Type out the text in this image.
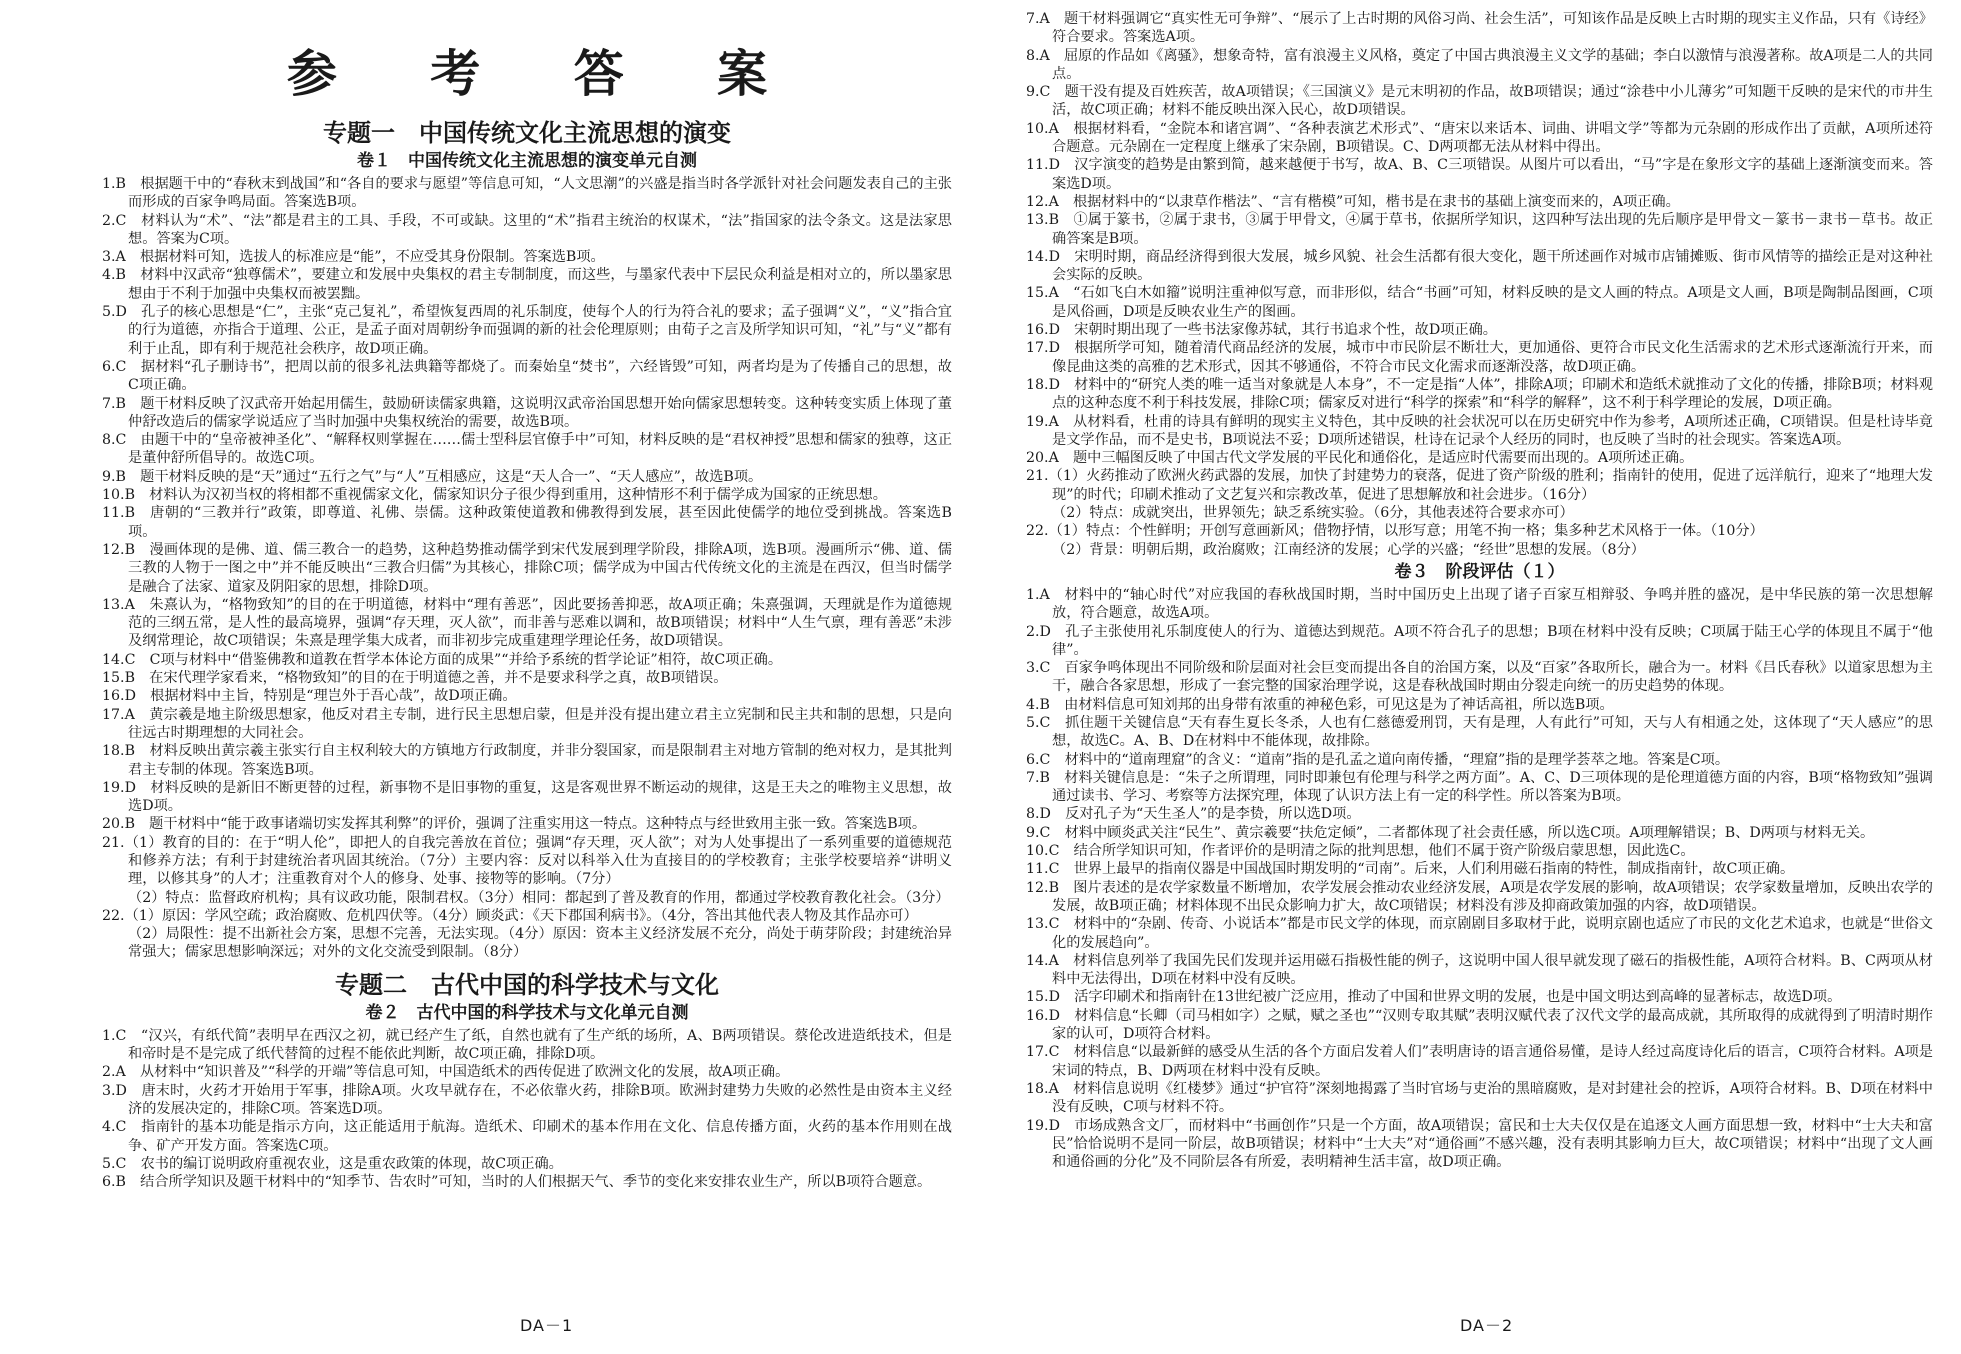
参 考 答 案
专题一　中国传统文化主流思想的演变
卷１　中国传统文化主流思想的演变单元自测

1.B　根据题干中的“春秋末到战国”和“各自的要求与愿望”等信息可知，“人文思潮”的兴盛是指当时各学派针对社会问题发表自己的主张而形成的百家争鸣局面。答案选B项。

2.C　材料认为“术”、“法”都是君主的工具、手段，不可或缺。这里的“术”指君主统治的权谋术，“法”指国家的法令条文。这是法家思想。答案为C项。

3.A　根据材料可知，选拔人的标准应是“能”，不应受其身份限制。答案选B项。

4.B　材料中汉武帝“独尊儒术”，要建立和发展中央集权的君主专制制度，而这些，与墨家代表中下层民众利益是相对立的，所以墨家思想由于不利于加强中央集权而被罢黜。

5.D　孔子的核心思想是“仁”，主张“克己复礼”，希望恢复西周的礼乐制度，使每个人的行为符合礼的要求；孟子强调“义”，“义”指合宜的行为道德，亦指合于道理、公正，是孟子面对周朝纷争而强调的新的社会伦理原则；由荀子之言及所学知识可知，“礼”与“义”都有利于止乱，即有利于规范社会秩序，故D项正确。

6.C　据材料“孔子删诗书”，把周以前的很多礼法典籍等都烧了。而秦始皇“焚书”，六经皆毁”可知，两者均是为了传播自己的思想，故C项正确。

7.B　题干材料反映了汉武帝开始起用儒生，鼓励研读儒家典籍，这说明汉武帝治国思想开始向儒家思想转变。这种转变实质上体现了董仲舒改造后的儒家学说适应了当时加强中央集权统治的需要，故选B项。

8.C　由题干中的“皇帝被神圣化”、“解释权则掌握在……儒士型科层官僚手中”可知，材料反映的是“君权神授”思想和儒家的独尊，这正是董仲舒所倡导的。故选C项。

9.B　题干材料反映的是“天”通过“五行之气”与“人”互相感应，这是“天人合一”、“天人感应”，故选B项。

10.B　材料认为汉初当权的将相都不重视儒家文化，儒家知识分子很少得到重用，这种情形不利于儒学成为国家的正统思想。

11.B　唐朝的“三教并行”政策，即尊道、礼佛、崇儒。这种政策使道教和佛教得到发展，甚至因此使儒学的地位受到挑战。答案选B项。

12.B　漫画体现的是佛、道、儒三教合一的趋势，这种趋势推动儒学到宋代发展到理学阶段，排除A项，选B项。漫画所示“佛、道、儒三教的人物于一图之中”并不能反映出“三教合归儒”为其核心，排除C项；儒学成为中国古代传统文化的主流是在西汉，但当时儒学是融合了法家、道家及阴阳家的思想，排除D项。

13.A　朱熹认为，“格物致知”的目的在于明道德，材料中“理有善恶”，因此要扬善抑恶，故A项正确；朱熹强调，天理就是作为道德规范的三纲五常，是人性的最高境界，强调“存天理，灭人欲”，而非善与恶难以调和，故B项错误；材料中“人生气禀，理有善恶”未涉及纲常理论，故C项错误；朱熹是理学集大成者，而非初步完成重建理学理论任务，故D项错误。

14.C　C项与材料中“借鉴佛教和道教在哲学本体论方面的成果”“并给予系统的哲学论证”相符，故C项正确。

15.B　在宋代理学家看来，“格物致知”的目的在于明道德之善，并不是要求科学之真，故B项错误。

16.D　根据材料中主旨，特别是“理岂外于吾心哉”，故D项正确。

17.A　黄宗羲是地主阶级思想家，他反对君主专制，进行民主思想启蒙，但是并没有提出建立君主立宪制和民主共和制的思想，只是向往远古时期理想的大同社会。

18.B　材料反映出黄宗羲主张实行自主权利较大的方镇地方行政制度，并非分裂国家，而是限制君主对地方管制的绝对权力，是其批判君主专制的体现。答案选B项。

19.D　材料反映的是新旧不断更替的过程，新事物不是旧事物的重复，这是客观世界不断运动的规律，这是王夫之的唯物主义思想，故选D项。

20.B　题干材料中“能于政事诸端切实发挥其利弊”的评价，强调了注重实用这一特点。这种特点与经世致用主张一致。答案选B项。

21.（1）教育的目的：在于“明人伦”，即把人的自我完善放在首位；强调“存天理，灭人欲”；对为人处事提出了一系列重要的道德规范和修养方法；有利于封建统治者巩固其统治。（7分）主要内容：反对以科举入仕为直接目的的学校教育；主张学校要培养“讲明义理，以修其身”的人才；注重教育对个人的修身、处事、接物等的影响。（7分）

（2）特点：监督政府机构；具有议政功能，限制君权。（3分）相同：都起到了普及教育的作用，都通过学校教育教化社会。（3分）

22.（1）原因：学风空疏；政治腐败、危机四伏等。（4分）顾炎武：《天下郡国利病书》。（4分，答出其他代表人物及其作品亦可）

（2）局限性：提不出新社会方案，思想不完善，无法实现。（4分）原因：资本主义经济发展不充分，尚处于萌芽阶段；封建统治异常强大；儒家思想影响深远；对外的文化交流受到限制。（8分）

专题二　古代中国的科学技术与文化
卷２　古代中国的科学技术与文化单元自测

1.C　“汉兴，有纸代简”表明早在西汉之初，就已经产生了纸，自然也就有了生产纸的场所，A、B两项错误。蔡伦改进造纸技术，但是和帝时是不是完成了纸代替简的过程不能依此判断，故C项正确，排除D项。

2.A　从材料中“知识普及”“科学的开端”等信息可知，中国造纸术的西传促进了欧洲文化的发展，故A项正确。

3.D　唐末时，火药才开始用于军事，排除A项。火攻早就存在，不必依靠火药，排除B项。欧洲封建势力失败的必然性是由资本主义经济的发展决定的，排除C项。答案选D项。

4.C　指南针的基本功能是指示方向，这正能适用于航海。造纸术、印刷术的基本作用在文化、信息传播方面，火药的基本作用则在战争、矿产开发方面。答案选C项。

5.C　农书的编订说明政府重视农业，这是重农政策的体现，故C项正确。

6.B　结合所学知识及题干材料中的“知季节、告农时”可知，当时的人们根据天气、季节的变化来安排农业生产，所以B项符合题意。

DA－1

7.A　题干材料强调它“真实性无可争辩”、“展示了上古时期的风俗习尚、社会生活”，可知该作品是反映上古时期的现实主义作品，只有《诗经》符合要求。答案选A项。

8.A　屈原的作品如《离骚》，想象奇特，富有浪漫主义风格，奠定了中国古典浪漫主义文学的基础；李白以激情与浪漫著称。故A项是二人的共同点。

9.C　题干没有提及百姓疾苦，故A项错误；《三国演义》是元末明初的作品，故B项错误；通过“涂巷中小儿薄劣”可知题干反映的是宋代的市井生活，故C项正确；材料不能反映出深入民心，故D项错误。

10.A　根据材料看，“金院本和诸宫调”、“各种表演艺术形式”、“唐宋以来话本、词曲、讲唱文学”等都为元杂剧的形成作出了贡献，A项所述符合题意。元杂剧在一定程度上继承了宋杂剧，B项错误。C、D两项都无法从材料中得出。

11.D　汉字演变的趋势是由繁到简，越来越便于书写，故A、B、C三项错误。从图片可以看出，“马”字是在象形文字的基础上逐渐演变而来。答案选D项。

12.A　根据材料中的“以隶草作楷法”、“言有楷模”可知，楷书是在隶书的基础上演变而来的，A项正确。

13.B　①属于篆书，②属于隶书，③属于甲骨文，④属于草书，依据所学知识，这四种写法出现的先后顺序是甲骨文－篆书－隶书－草书。故正确答案是B项。

14.D　宋明时期，商品经济得到很大发展，城乡风貌、社会生活都有很大变化，题干所述画作对城市店铺摊贩、街市风情等的描绘正是对这种社会实际的反映。

15.A　“石如飞白木如籀”说明注重神似写意，而非形似，结合“书画”可知，材料反映的是文人画的特点。A项是文人画，B项是陶制品图画，C项是风俗画，D项是反映农业生产的图画。

16.D　宋朝时期出现了一些书法家像苏轼，其行书追求个性，故D项正确。

17.D　根据所学可知，随着清代商品经济的发展，城市中市民阶层不断壮大，更加通俗、更符合市民文化生活需求的艺术形式逐渐流行开来，而像昆曲这类的高雅的艺术形式，因其不够通俗，不符合市民文化需求而逐渐没落，故D项正确。

18.D　材料中的“研究人类的唯一适当对象就是人本身”，不一定是指“人体”，排除A项；印刷术和造纸术就推动了文化的传播，排除B项；材料观点的这种态度不利于科技发展，排除C项；儒家反对进行“科学的探索”和“科学的解释”，这不利于科学理论的发展，D项正确。

19.A　从材料看，杜甫的诗具有鲜明的现实主义特色，其中反映的社会状况可以在历史研究中作为参考，A项所述正确，C项错误。但是杜诗毕竟是文学作品，而不是史书，B项说法不妥；D项所述错误，杜诗在记录个人经历的同时，也反映了当时的社会现实。答案选A项。

20.A　题中三幅图反映了中国古代文学发展的平民化和通俗化，是适应时代需要而出现的。A项所述正确。

21.（1）火药推动了欧洲火药武器的发展，加快了封建势力的衰落，促进了资产阶级的胜利；指南针的使用，促进了远洋航行，迎来了“地理大发现”的时代；印刷术推动了文艺复兴和宗教改革，促进了思想解放和社会进步。（16分）

（2）特点：成就突出，世界领先；缺乏系统实验。（6分，其他表述符合要求亦可）

22.（1）特点：个性鲜明；开创写意画新风；借物抒情，以形写意；用笔不拘一格；集多种艺术风格于一体。（10分）

（2）背景：明朝后期，政治腐败；江南经济的发展；心学的兴盛；“经世”思想的发展。（8分）

卷３　阶段评估（１）

1.A　材料中的“轴心时代”对应我国的春秋战国时期，当时中国历史上出现了诸子百家互相辩驳、争鸣并胜的盛况，是中华民族的第一次思想解放，符合题意，故选A项。

2.D　孔子主张使用礼乐制度使人的行为、道德达到规范。A项不符合孔子的思想；B项在材料中没有反映；C项属于陆王心学的体现且不属于“他律”。

3.C　百家争鸣体现出不同阶级和阶层面对社会巨变而提出各自的治国方案，以及“百家”各取所长，融合为一。材料《吕氏春秋》以道家思想为主干，融合各家思想，形成了一套完整的国家治理学说，这是春秋战国时期由分裂走向统一的历史趋势的体现。

4.B　由材料信息可知刘邦的出身带有浓重的神秘色彩，可见这是为了神话高祖，所以选B项。

5.C　抓住题干关键信息“天有春生夏长冬杀，人也有仁慈德爱刑罚，天有是理，人有此行”可知，天与人有相通之处，这体现了“天人感应”的思想，故选C。A、B、D在材料中不能体现，故排除。

6.C　材料中的“道南理窟”的含义：“道南”指的是孔孟之道向南传播，“理窟”指的是理学荟萃之地。答案是C项。

7.B　材料关键信息是：“朱子之所谓理，同时即兼包有伦理与科学之两方面”。A、C、D三项体现的是伦理道德方面的内容，B项“格物致知”强调通过读书、学习、考察等方法探究理，体现了认识方法上有一定的科学性。所以答案为B项。

8.D　反对孔子为“天生圣人”的是李贽，所以选D项。

9.C　材料中顾炎武关注“民生”、黄宗羲要“扶危定倾”，二者都体现了社会责任感，所以选C项。A项理解错误；B、D两项与材料无关。

10.C　结合所学知识可知，作者评价的是明清之际的批判思想，他们不属于资产阶级启蒙思想，因此选C。

11.C　世界上最早的指南仪器是中国战国时期发明的“司南”。后来，人们利用磁石指南的特性，制成指南针，故C项正确。

12.B　图片表述的是农学家数量不断增加，农学发展会推动农业经济发展，A项是农学发展的影响，故A项错误；农学家数量增加，反映出农学的发展，故B项正确；材料体现不出民众影响力扩大，故C项错误；材料没有涉及抑商政策加强的内容，故D项错误。

13.C　材料中的“杂剧、传奇、小说话本”都是市民文学的体现，而京剧剧目多取材于此，说明京剧也适应了市民的文化艺术追求，也就是“世俗文化的发展趋向”。

14.A　材料信息列举了我国先民们发现并运用磁石指极性能的例子，这说明中国人很早就发现了磁石的指极性能，A项符合材料。B、C两项从材料中无法得出，D项在材料中没有反映。

15.D　活字印刷术和指南针在13世纪被广泛应用，推动了中国和世界文明的发展，也是中国文明达到高峰的显著标志，故选D项。

16.D　材料信息“长卿（司马相如字）之赋，赋之圣也”“汉则专取其赋”表明汉赋代表了汉代文学的最高成就，其所取得的成就得到了明清时期作家的认可，D项符合材料。

17.C　材料信息“以最新鲜的感受从生活的各个方面启发着人们”表明唐诗的语言通俗易懂，是诗人经过高度诗化后的语言，C项符合材料。A项是宋词的特点，B、D两项在材料中没有反映。

18.A　材料信息说明《红楼梦》通过“护官符”深刻地揭露了当时官场与吏治的黑暗腐败，是对封建社会的控诉，A项符合材料。B、D项在材料中没有反映，C项与材料不符。

19.D　市场成熟含文厂，而材料中“书画创作”只是一个方面，故A项错误；富民和士大夫仅仅是在追逐文人画方面思想一致，材料中“士大夫和富民”恰恰说明不是同一阶层，故B项错误；材料中“士大夫”对“通俗画”不感兴趣，没有表明其影响力巨大，故C项错误；材料中“出现了文人画和通俗画的分化”及不同阶层各有所爱，表明精神生活丰富，故D项正确。

DA－2
